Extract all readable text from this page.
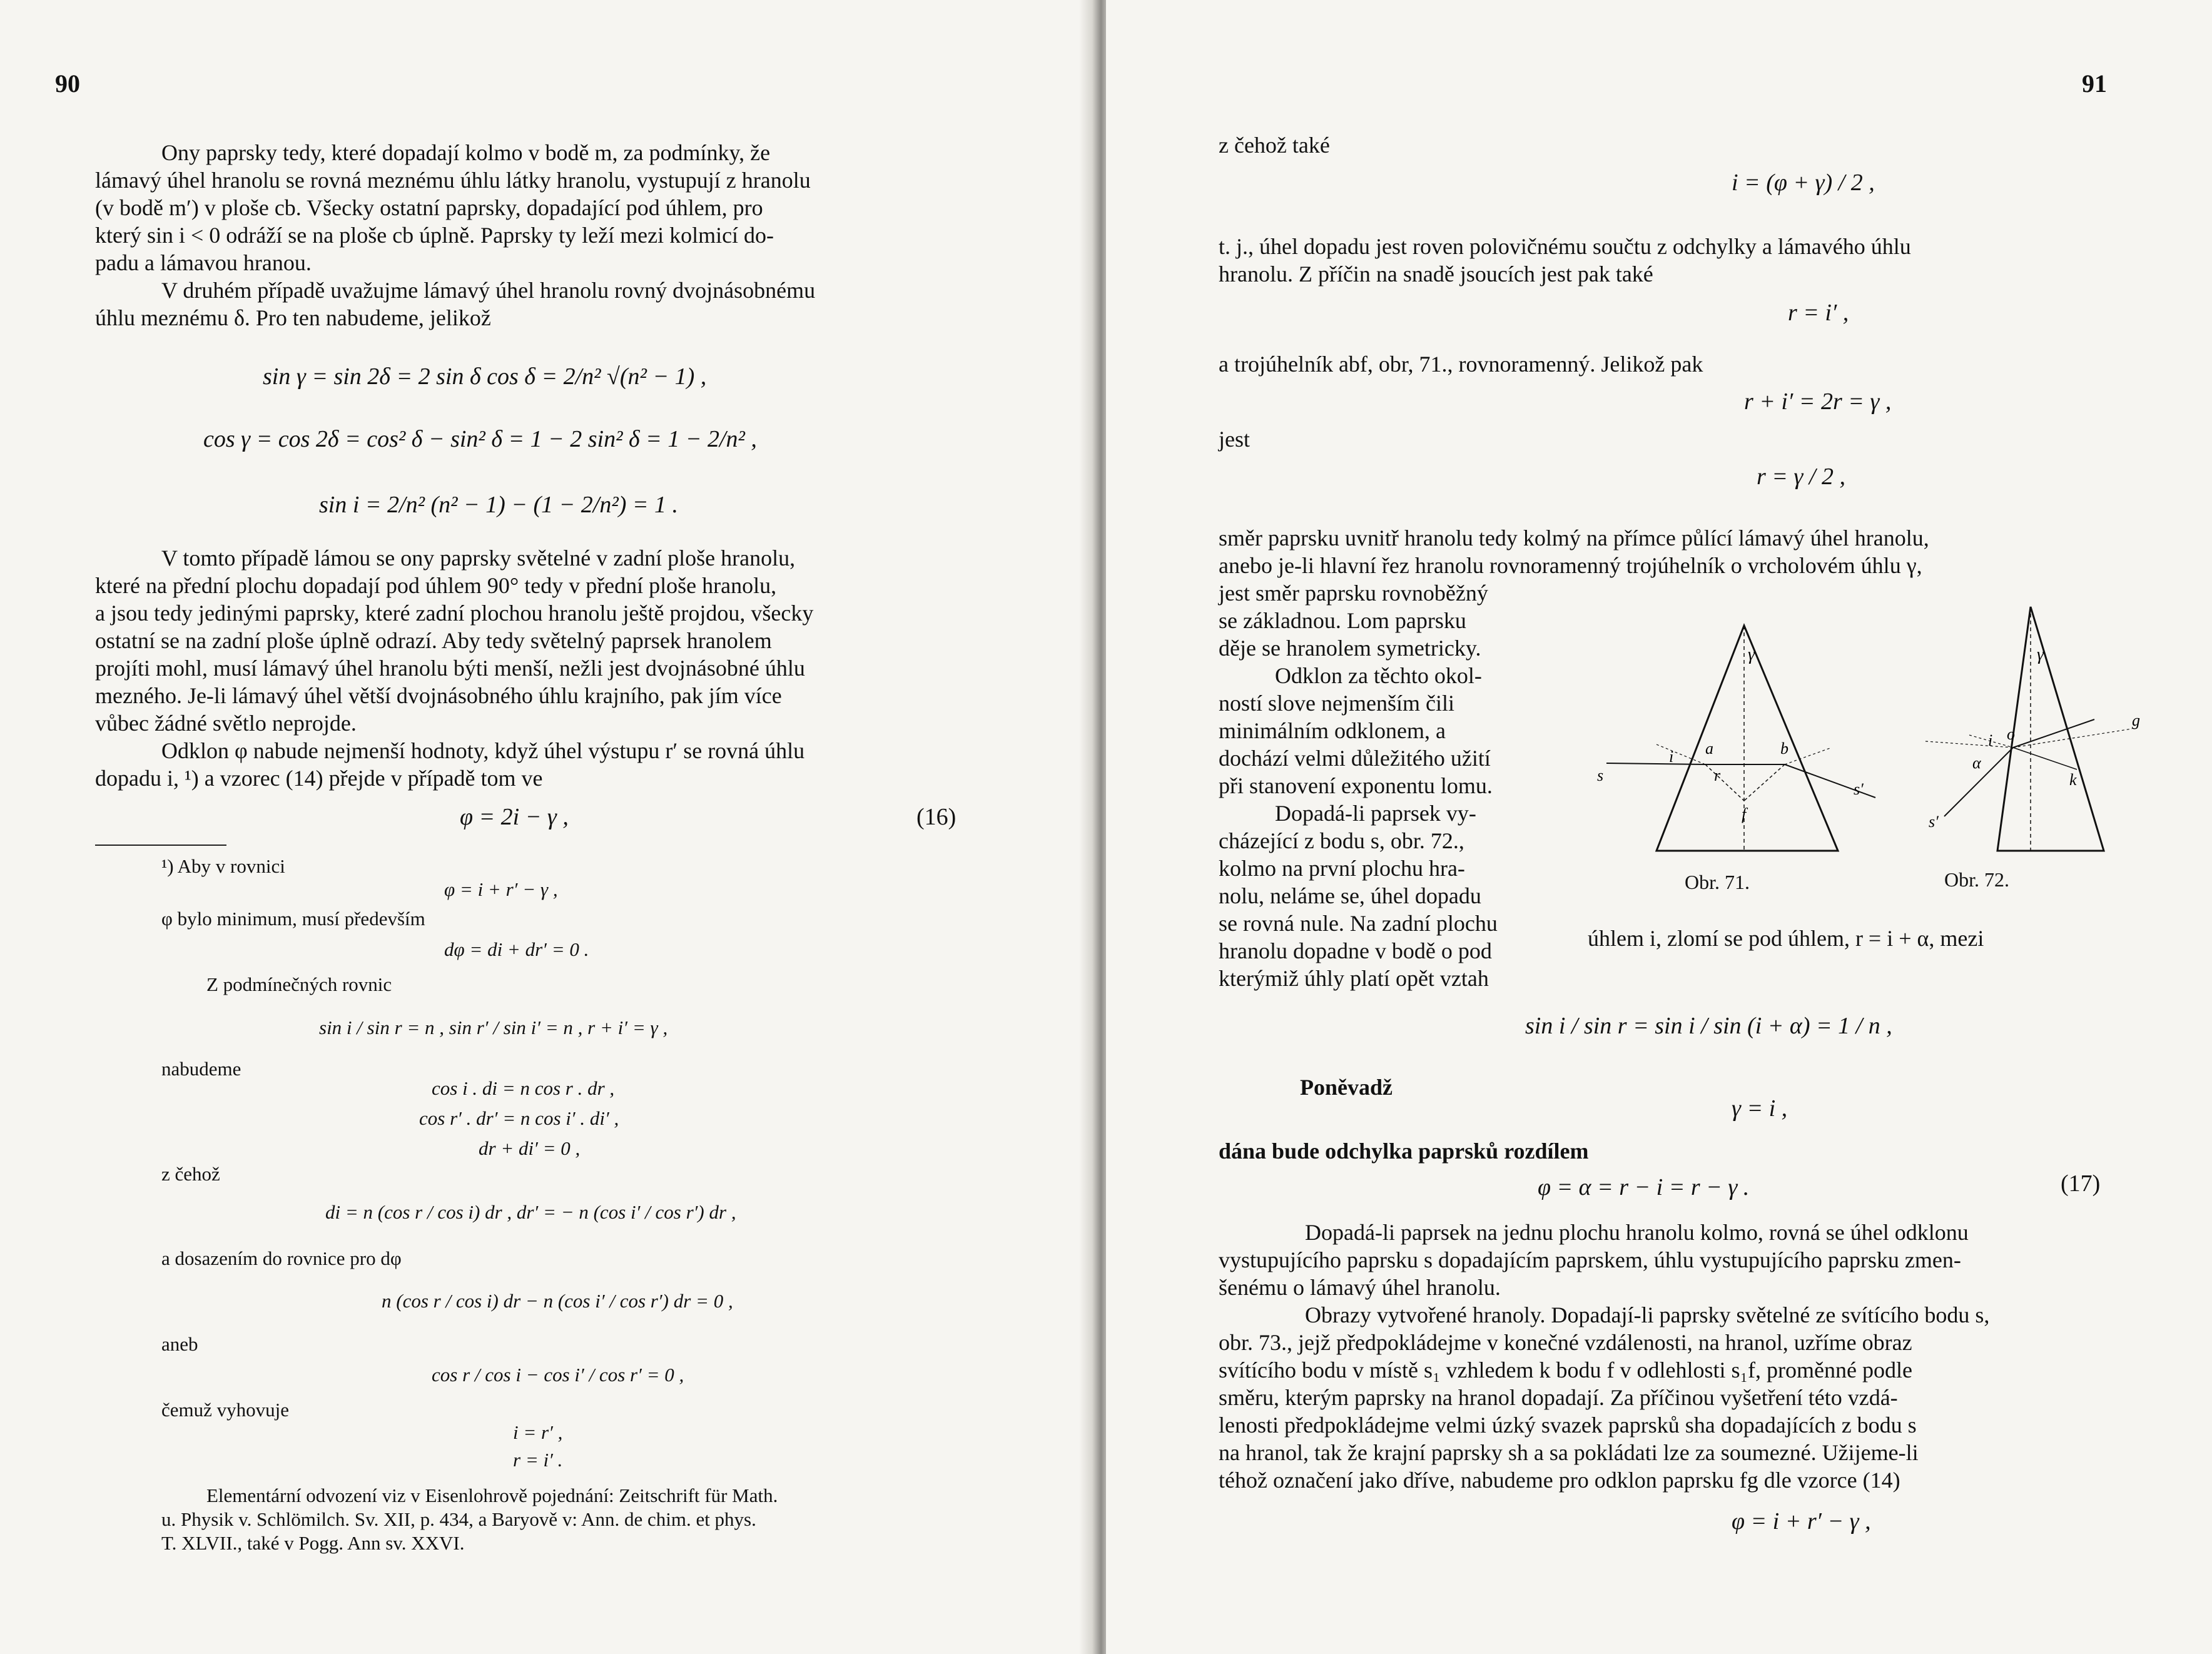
90
Ony paprsky tedy, které dopadají kolmo v bodě m, za podmínky, že
lámavý úhel hranolu se rovná meznému úhlu látky hranolu, vystupují z hranolu
(v bodě m′) v ploše cb. Všecky ostatní paprsky, dopadající pod úhlem, pro
který sin i < 0 odráží se na ploše cb úplně. Paprsky ty leží mezi kolmicí do-
padu a lámavou hranou.
V druhém případě uvažujme lámavý úhel hranolu rovný dvojnásobnému
úhlu meznému δ. Pro ten nabudeme, jelikož
sin γ = sin 2δ = 2 sin δ cos δ = 2/n² √(n² − 1) ,
cos γ = cos 2δ = cos² δ − sin² δ = 1 − 2 sin² δ = 1 − 2/n² ,
sin i = 2/n² (n² − 1) − (1 − 2/n²) = 1 .
V tomto případě lámou se ony paprsky světelné v zadní ploše hranolu,
které na přední plochu dopadají pod úhlem 90° tedy v přední ploše hranolu,
a jsou tedy jedinými paprsky, které zadní plochou hranolu ještě projdou, všecky
ostatní se na zadní ploše úplně odrazí. Aby tedy světelný paprsek hranolem
projíti mohl, musí lámavý úhel hranolu býti menší, nežli jest dvojnásobné úhlu
mezného. Je-li lámavý úhel větší dvojnásobného úhlu krajního, pak jím více
vůbec žádné světlo neprojde.
Odklon φ nabude nejmenší hodnoty, když úhel výstupu r′ se rovná úhlu
dopadu i, ¹) a vzorec (14) přejde v případě tom ve
φ = 2i − γ ,	(16)
¹) Aby v rovnici
φ = i + r′ − γ ,
φ bylo minimum, musí především
dφ = di + dr′ = 0 .
Z podmínečných rovnic
sin i / sin r = n , sin r′ / sin i′ = n , r + i′ = γ ,
nabudeme
cos i . di = n cos r . dr ,
cos r′ . dr′ = n cos i′ . di′ ,
dr + di′ = 0 ,
z čehož
di = n (cos r / cos i) dr , dr′ = − n (cos i′ / cos r′) dr ,
a dosazením do rovnice pro dφ
n (cos r / cos i) dr − n (cos i′ / cos r′) dr = 0 ,
aneb
cos r / cos i − cos i′ / cos r′ = 0 ,
čemuž vyhovuje
i = r′ ,
r = i′ .
Elementární odvození viz v Eisenlohrově pojednání: Zeitschrift für Math.
u. Physik v. Schlömilch. Sv. XII, p. 434, a Baryově v: Ann. de chim. et phys.
T. XLVII., také v Pogg. Ann sv. XXVI.
91
z čehož také
i = (φ + γ) / 2 ,
t. j., úhel dopadu jest roven polovičnému součtu z odchylky a lámavého úhlu
hranolu. Z příčin na snadě jsoucích jest pak také
r = i′ ,
a trojúhelník abf, obr, 71., rovnoramenný. Jelikož pak
r + i′ = 2r = γ ,
jest
r = γ / 2 ,
směr paprsku uvnitř hranolu tedy kolmý na přímce půlící lámavý úhel hranolu,
anebo je-li hlavní řez hranolu rovnoramenný trojúhelník o vrcholovém úhlu γ,
jest směr paprsku rovnoběžný
se základnou. Lom paprsku
děje se hranolem symetricky.
Odklon za těchto okol-
ností slove nejmenším čili
minimálním odklonem, a
dochází velmi důležitého užití
při stanovení exponentu lomu.
Dopadá-li paprsek vy-
cházející z bodu s, obr. 72.,
kolmo na první plochu hra-
nolu, nelámе se, úhel dopadu
se rovná nule. Na zadní plochu
hranolu dopadne v bodě o pod
kterýmiž úhly platí opět vztah
úhlem i, zlomí se pod úhlem, r = i + α, mezi
γ
a	b
i
r
s
s′
f
Obr. 71.
γ
i o
α
k
g
s′
Obr. 72.
sin i / sin r = sin i / sin (i + α) = 1 / n ,
Poněvadž
γ = i ,
dána bude odchylka paprsků rozdílem
φ = α = r − i = r − γ .	(17)
Dopadá-li paprsek na jednu plochu hranolu kolmo, rovná se úhel odklonu
vystupujícího paprsku s dopadajícím paprskem, úhlu vystupujícího paprsku zmen-
šenému o lámavý úhel hranolu.
Obrazy vytvořené hranoly. Dopadají-li paprsky světelné ze svítícího bodu s,
obr. 73., jejž předpokládejme v konečné vzdálenosti, na hranol, uzříme obraz
svítícího bodu v místě s₁ vzhledem k bodu f v odlehlosti s₁f, proměnné podle
směru, kterým paprsky na hranol dopadají. Za příčinou vyšetření této vzdá-
lenosti předpokládejme velmi úzký svazek paprsků sha dopadajících z bodu s
na hranol, tak že krajní paprsky sh a sa pokládati lze za soumezné. Užijeme-li
téhož označení jako dříve, nabudeme pro odklon paprsku fg dle vzorce (14)
φ = i + r′ − γ ,
